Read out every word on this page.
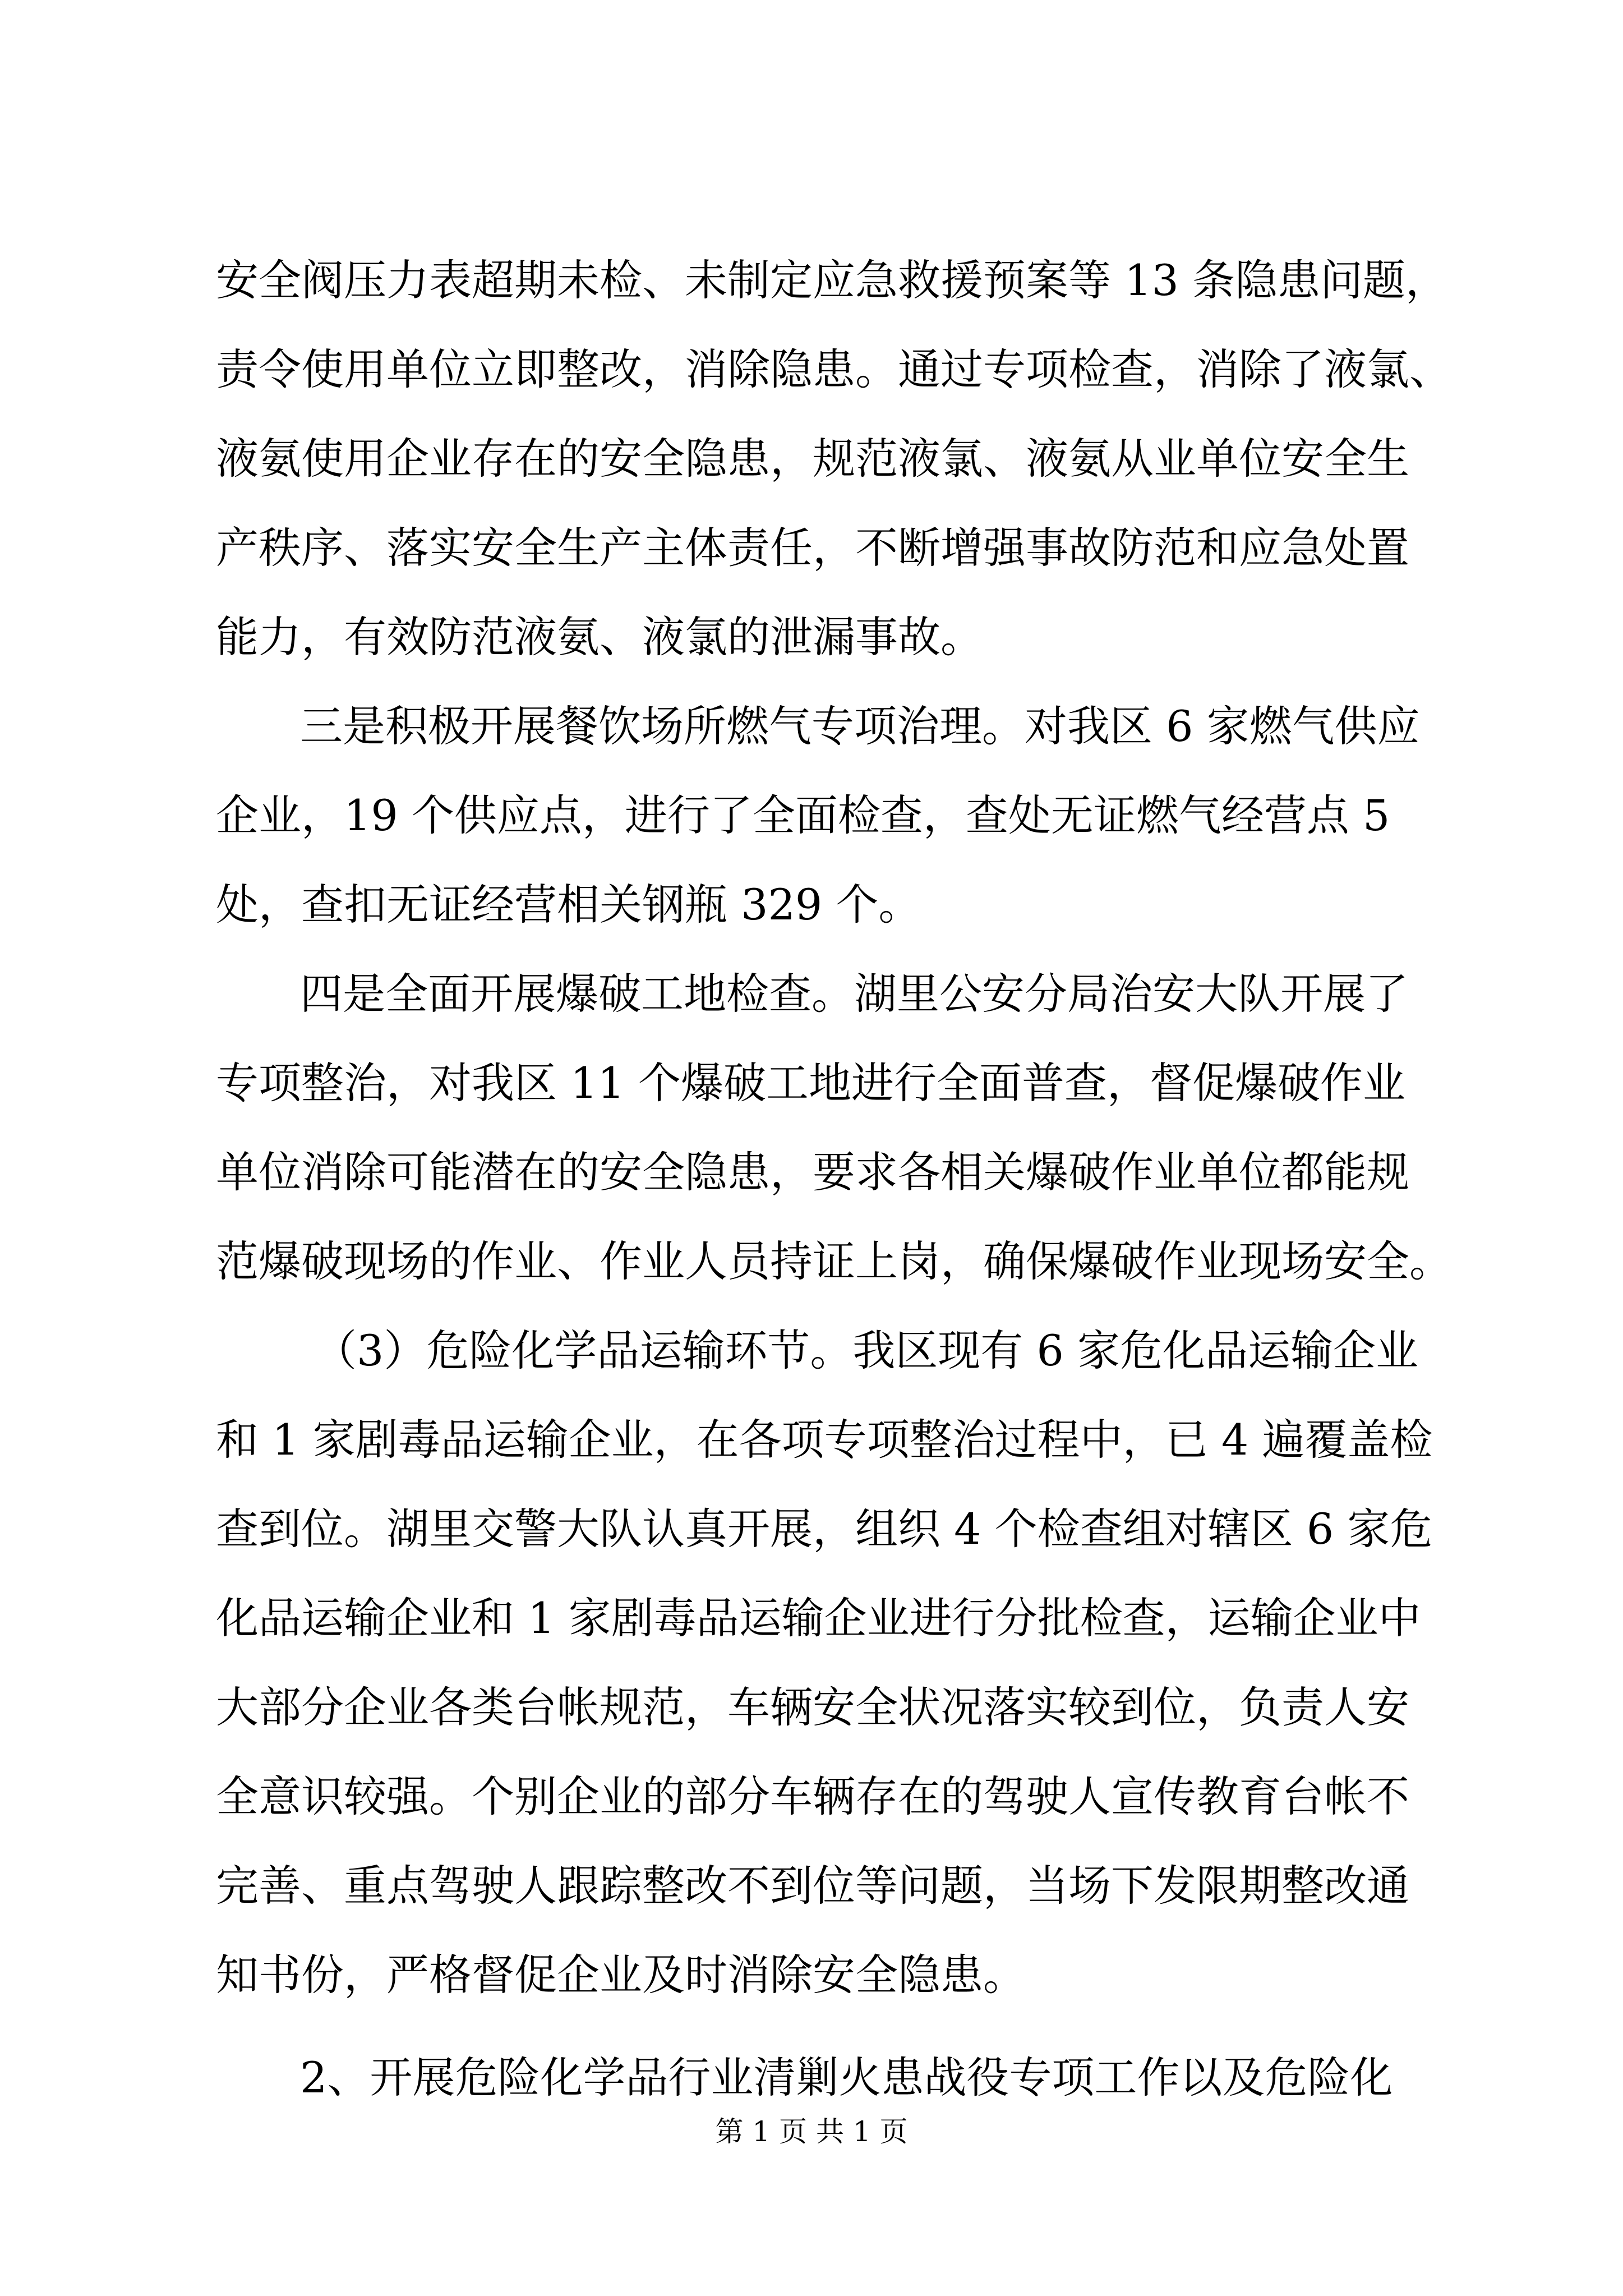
安全阀压力表超期未检、未制定应急救援预案等 13 条隐患问题，
责令使用单位立即整改，消除隐患。通过专项检查，消除了液氯、
液氨使用企业存在的安全隐患，规范液氯、液氨从业单位安全生
产秩序、落实安全生产主体责任，不断增强事故防范和应急处置
能力，有效防范液氨、液氯的泄漏事故。
三是积极开展餐饮场所燃气专项治理。对我区 6 家燃气供应
企业，19 个供应点，进行了全面检查，查处无证燃气经营点 5
处，查扣无证经营相关钢瓶 329 个。
四是全面开展爆破工地检查。湖里公安分局治安大队开展了
专项整治，对我区 11 个爆破工地进行全面普查，督促爆破作业
单位消除可能潜在的安全隐患，要求各相关爆破作业单位都能规
范爆破现场的作业、作业人员持证上岗，确保爆破作业现场安全。
（3）危险化学品运输环节。我区现有 6 家危化品运输企业
和 1 家剧毒品运输企业，在各项专项整治过程中，已 4 遍覆盖检
查到位。湖里交警大队认真开展，组织 4 个检查组对辖区 6 家危
化品运输企业和 1 家剧毒品运输企业进行分批检查，运输企业中
大部分企业各类台帐规范，车辆安全状况落实较到位，负责人安
全意识较强。个别企业的部分车辆存在的驾驶人宣传教育台帐不
完善、重点驾驶人跟踪整改不到位等问题，当场下发限期整改通
知书份，严格督促企业及时消除安全隐患。
2、开展危险化学品行业清剿火患战役专项工作以及危险化
第 1 页 共 1 页
